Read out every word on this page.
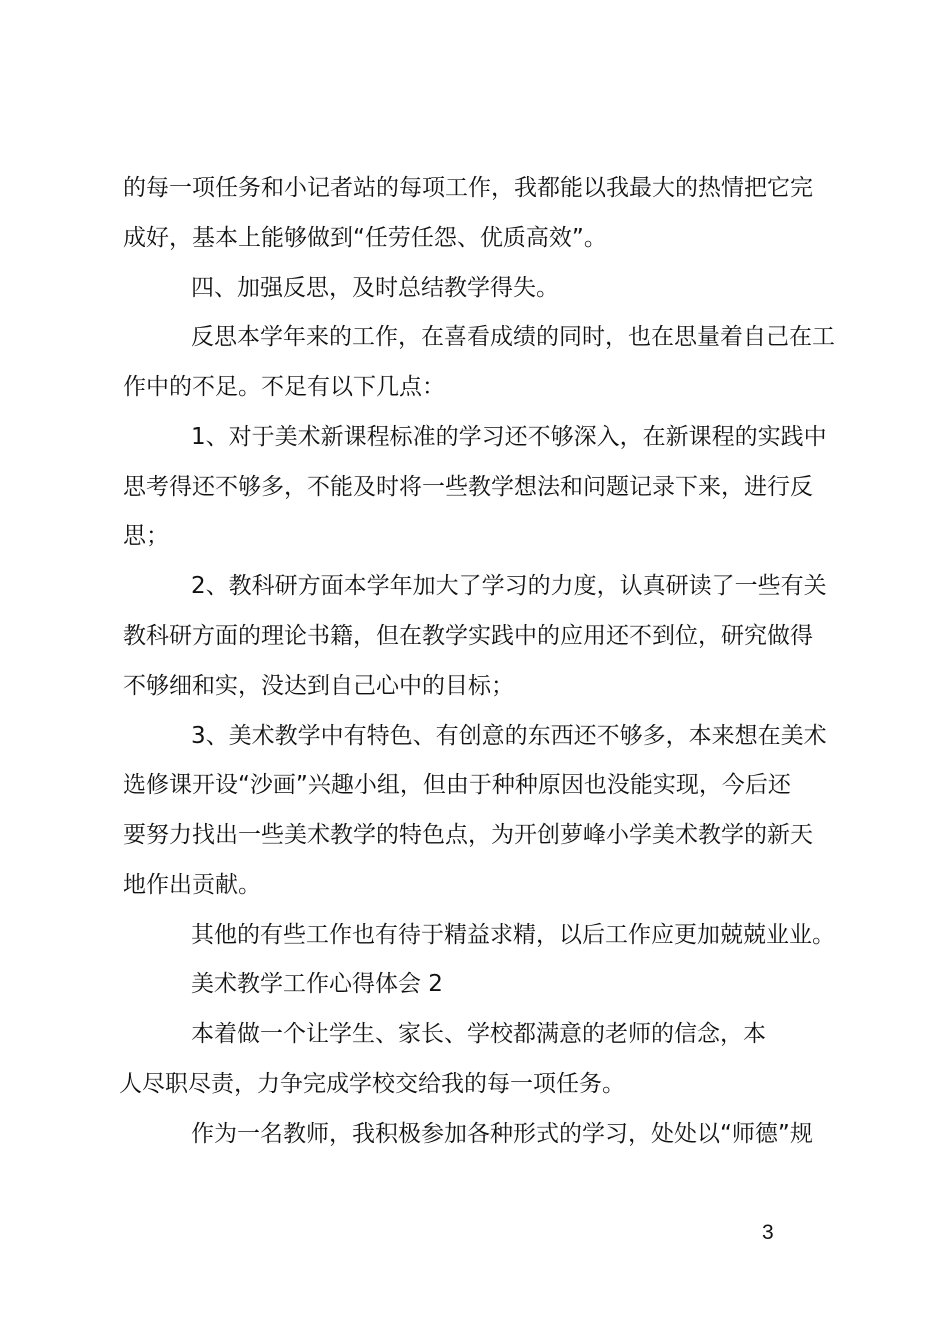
的每一项任务和小记者站的每项工作，我都能以我最大的热情把它完
成好，基本上能够做到“任劳任怨、优质高效”。
四、加强反思，及时总结教学得失。
反思本学年来的工作，在喜看成绩的同时，也在思量着自己在工
作中的不足。不足有以下几点：
1、对于美术新课程标准的学习还不够深入，在新课程的实践中
思考得还不够多，不能及时将一些教学想法和问题记录下来，进行反
思；
2、教科研方面本学年加大了学习的力度，认真研读了一些有关
教科研方面的理论书籍，但在教学实践中的应用还不到位，研究做得
不够细和实，没达到自己心中的目标；
3、美术教学中有特色、有创意的东西还不够多，本来想在美术
选修课开设“沙画”兴趣小组，但由于种种原因也没能实现，今后还
要努力找出一些美术教学的特色点，为开创萝峰小学美术教学的新天
地作出贡献。
其他的有些工作也有待于精益求精，以后工作应更加兢兢业业。
美术教学工作心得体会 2
本着做一个让学生、家长、学校都满意的老师的信念，本
人尽职尽责，力争完成学校交给我的每一项任务。
作为一名教师，我积极参加各种形式的学习，处处以“师德”规
3
